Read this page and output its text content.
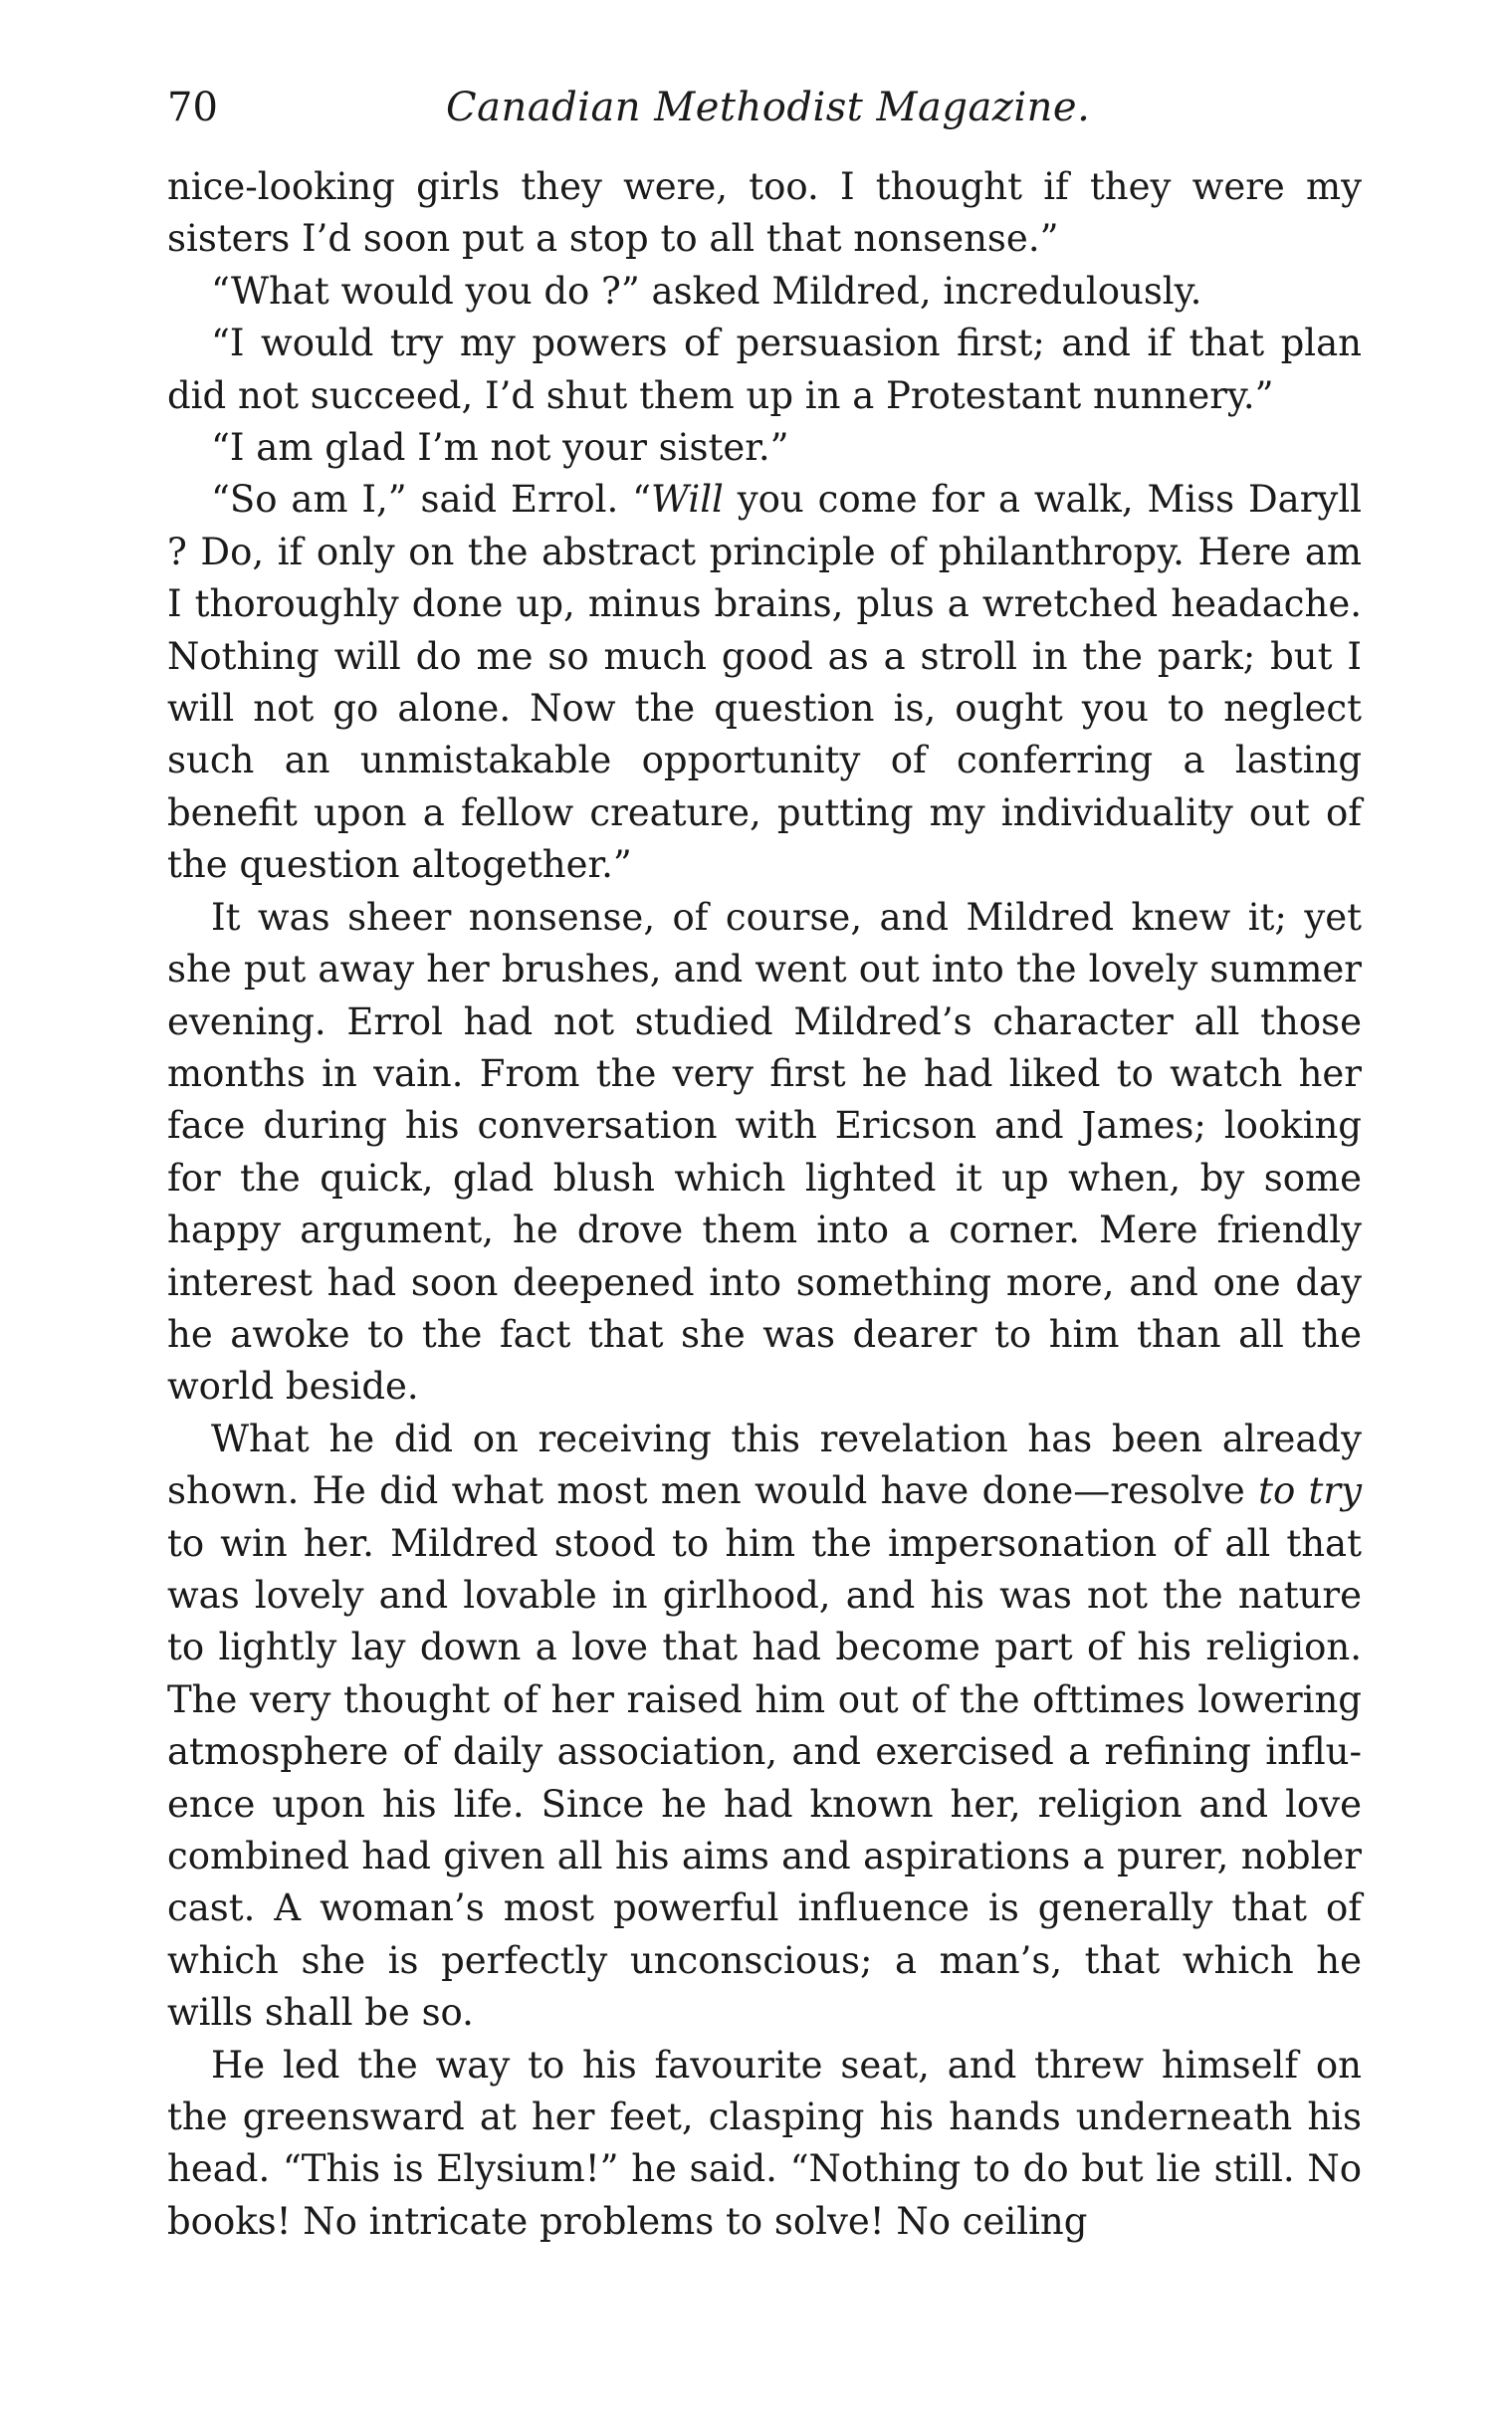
70	Canadian Methodist Magazine.

nice-looking girls they were, too. I thought if they were my sisters I’d soon put a stop to all that nonsense.”

“What would you do ?” asked Mildred, incredulously.

“I would try my powers of persuasion first; and if that plan did not succeed, I’d shut them up in a Protestant nunnery.”

“I am glad I’m not your sister.”

“So am I,” said Errol. “Will you come for a walk, Miss Daryll ? Do, if only on the abstract principle of philanthropy. Here am I thoroughly done up, minus brains, plus a wretched headache. Nothing will do me so much good as a stroll in the park; but I will not go alone. Now the question is, ought you to neglect such an unmistakable opportunity of conferring a lasting benefit upon a fellow creature, putting my individuality out of the question altogether.”

It was sheer nonsense, of course, and Mildred knew it; yet she put away her brushes, and went out into the lovely summer evening. Errol had not studied Mildred’s character all those months in vain. From the very first he had liked to watch her face during his conversation with Ericson and James; looking for the quick, glad blush which lighted it up when, by some happy argument, he drove them into a corner. Mere friendly interest had soon deepened into something more, and one day he awoke to the fact that she was dearer to him than all the world beside.

What he did on receiving this revelation has been already shown. He did what most men would have done—resolve to try to win her. Mildred stood to him the impersonation of all that was lovely and lovable in girlhood, and his was not the nature to lightly lay down a love that had become part of his religion. The very thought of her raised him out of the ofttimes lowering atmosphere of daily association, and exercised a refining influence upon his life. Since he had known her, religion and love combined had given all his aims and aspirations a purer, nobler cast. A woman’s most powerful influence is generally that of which she is perfectly unconscious; a man’s, that which he wills shall be so.

He led the way to his favourite seat, and threw himself on the greensward at her feet, clasping his hands underneath his head. “This is Elysium!” he said. “Nothing to do but lie still. No books! No intricate problems to solve! No ceiling
